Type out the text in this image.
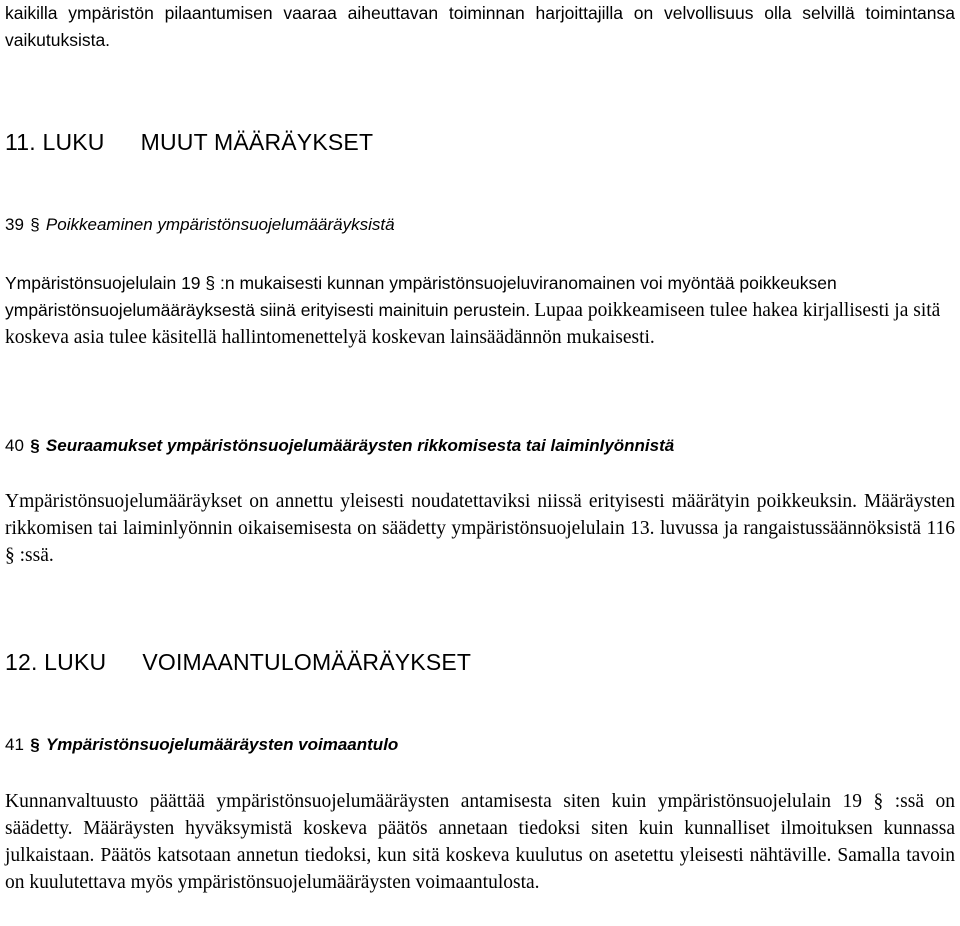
kaikilla ympäristön pilaantumisen vaaraa aiheuttavan toiminnan harjoittajilla on velvollisuus olla selvillä toimintansa vaikutuksista.

11. LUKU MUUT MÄÄRÄYKSET

39 § Poikkeaminen ympäristönsuojelumääräyksistä

Ympäristönsuojelulain 19 § :n mukaisesti kunnan ympäristönsuojeluviranomainen voi myöntää poikkeuksen ympäristönsuojelumääräyksestä siinä erityisesti mainituin perustein. Lupaa poikkeamiseen tulee hakea kirjallisesti ja sitä koskeva asia tulee käsitellä hallintomenettelyä koskevan lainsäädännön mukaisesti.

40 § Seuraamukset ympäristönsuojelumääräysten rikkomisesta tai laiminlyönnistä

Ympäristönsuojelumääräykset on annettu yleisesti noudatettaviksi niissä erityisesti määrätyin poikkeuksin. Määräysten rikkomisen tai laiminlyönnin oikaisemisesta on säädetty ympäristönsuojelulain 13. luvussa ja rangaistussäännöksistä 116 § :ssä.

12. LUKU VOIMAANTULOMÄÄRÄYKSET

41 § Ympäristönsuojelumääräysten voimaantulo

Kunnanvaltuusto päättää ympäristönsuojelumääräysten antamisesta siten kuin ympäristönsuojelulain 19 § :ssä on säädetty. Määräysten hyväksymistä koskeva päätös annetaan tiedoksi siten kuin kunnalliset ilmoituksen kunnassa julkaistaan. Päätös katsotaan annetun tiedoksi, kun sitä koskeva kuulutus on asetettu yleisesti nähtäville. Samalla tavoin on kuulutettava myös ympäristönsuojelumääräysten voimaantulosta.
